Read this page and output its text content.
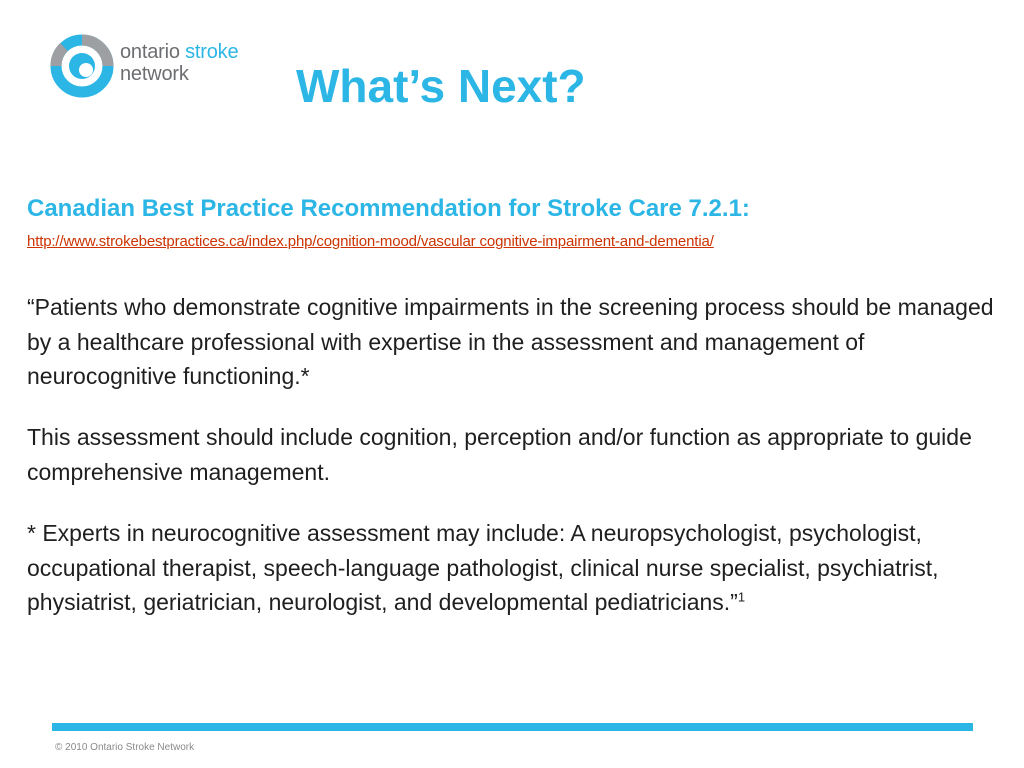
ontario stroke
network What’s Next?
Canadian Best Practice Recommendation for Stroke Care 7.2.1:
http://www.strokebestpractices.ca/index.php/cognition-mood/vascular cognitive-impairment-and-dementia/

“Patients who demonstrate cognitive impairments in the screening process should be managed by a healthcare professional with expertise in the assessment and management of neurocognitive functioning.*

This assessment should include cognition, perception and/or function as appropriate to guide comprehensive management.

* Experts in neurocognitive assessment may include: A neuropsychologist, psychologist, occupational therapist, speech-language pathologist, clinical nurse specialist, psychiatrist, physiatrist, geriatrician, neurologist, and developmental pediatricians.”$^1$

© 2010 Ontario Stroke Network
